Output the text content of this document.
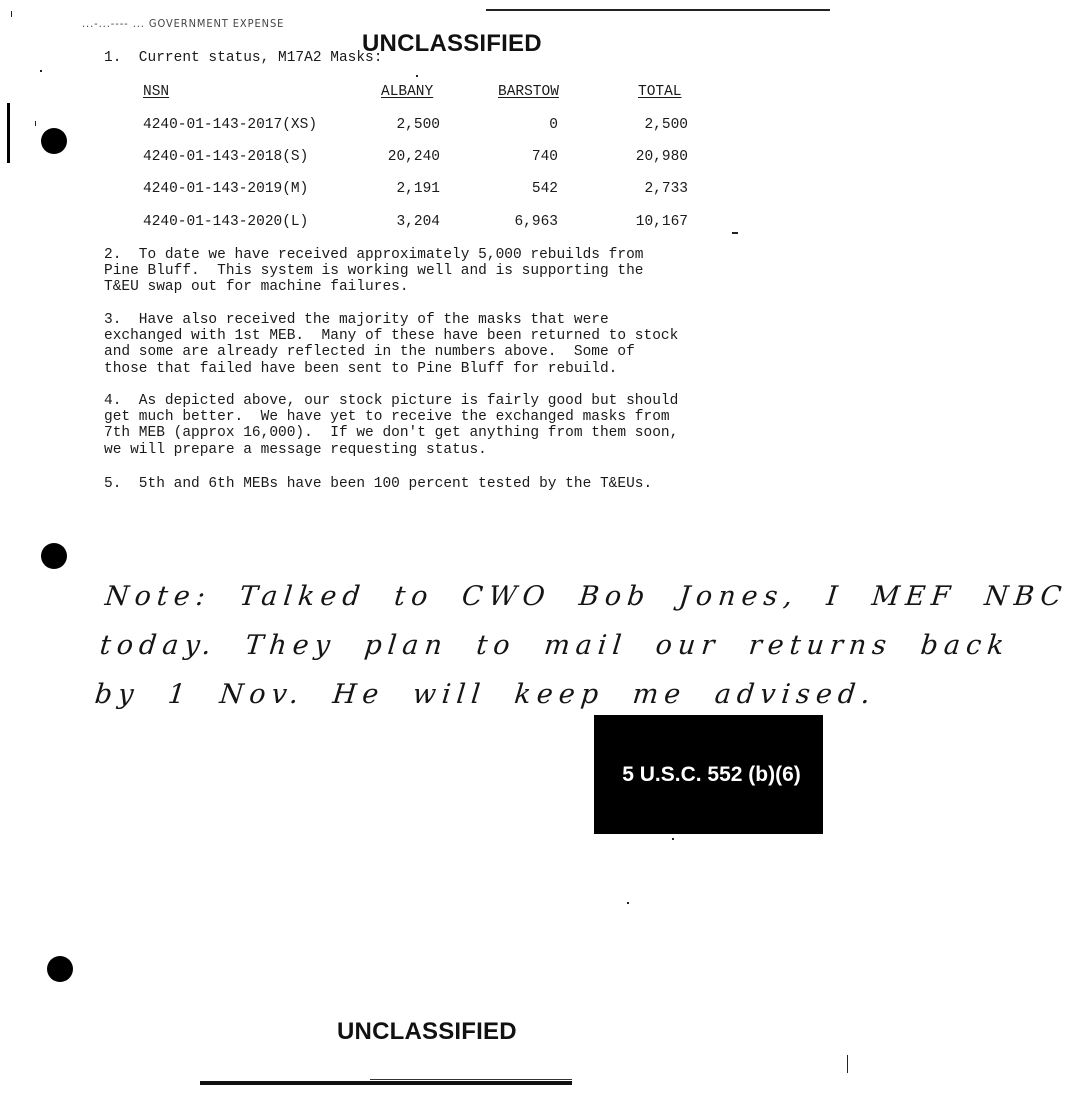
...-...---- ... GOVERNMENT EXPENSE
UNCLASSIFIED
1.  Current status, M17A2 Masks:
NSN	ALBANY	BARSTOW	TOTAL
4240-01-143-2017(XS)	2,500	0	2,500
4240-01-143-2018(S)	20,240	740	20,980
4240-01-143-2019(M)	2,191	542	2,733
4240-01-143-2020(L)	3,204	6,963	10,167
2.  To date we have received approximately 5,000 rebuilds from
Pine Bluff.  This system is working well and is supporting the
T&EU swap out for machine failures.
3.  Have also received the majority of the masks that were
exchanged with 1st MEB.  Many of these have been returned to stock
and some are already reflected in the numbers above.  Some of
those that failed have been sent to Pine Bluff for rebuild.
4.  As depicted above, our stock picture is fairly good but should
get much better.  We have yet to receive the exchanged masks from
7th MEB (approx 16,000).  If we don't get anything from them soon,
we will prepare a message requesting status.
5.  5th and 6th MEBs have been 100 percent tested by the T&EUs.
Note: Talked to CWO Bob Jones, I MEF NBC
today. They plan to mail our returns back
by 1 Nov. He will keep me advised.
5 U.S.C. 552 (b)(6)
UNCLASSIFIED
